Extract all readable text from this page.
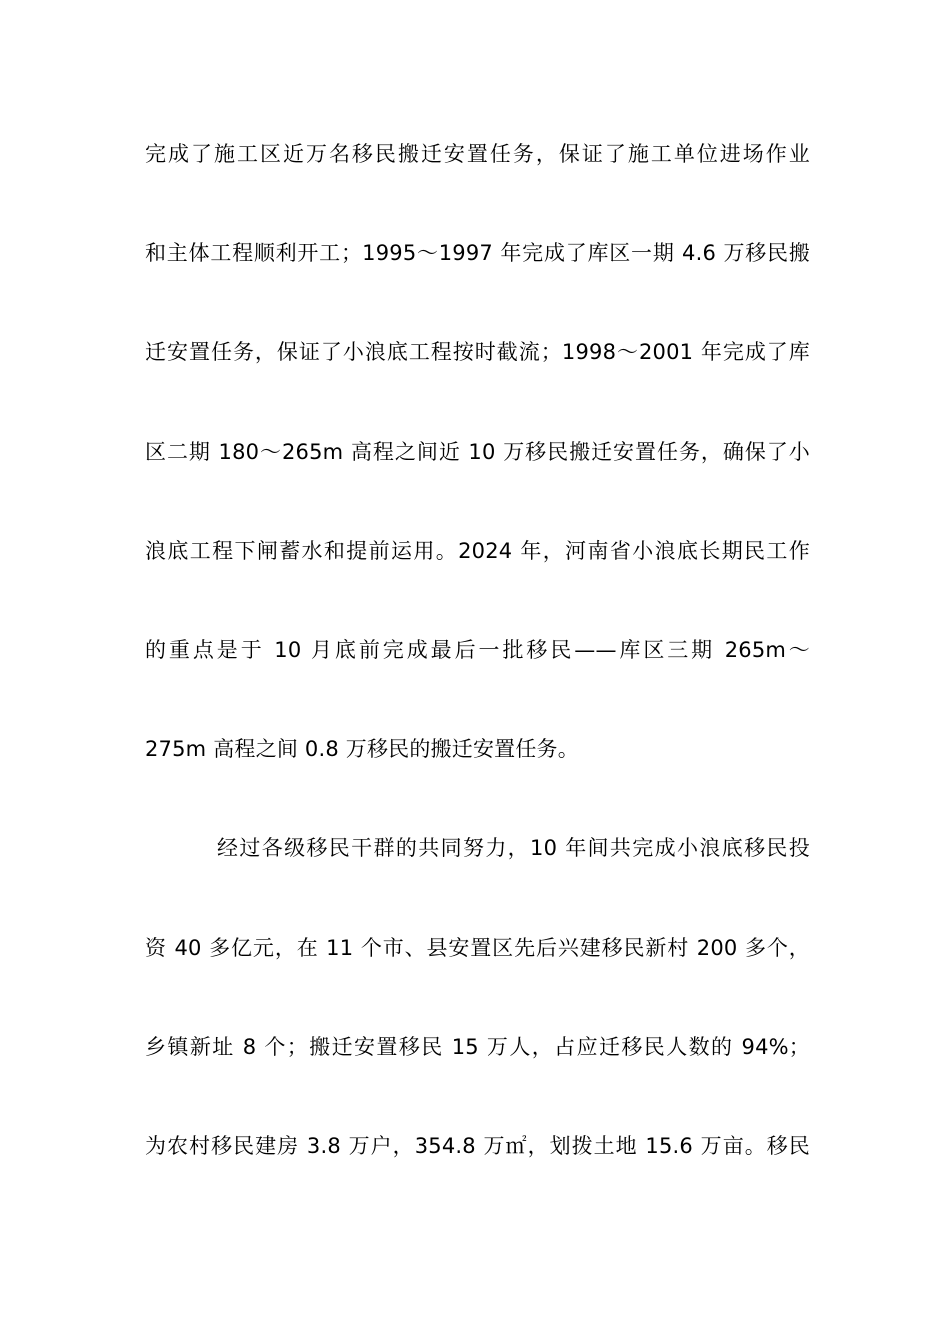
完成了施工区近万名移民搬迁安置任务，保证了施工单位进场作业
和主体工程顺利开工；1995～1997 年完成了库区一期 4.6 万移民搬
迁安置任务，保证了小浪底工程按时截流；1998～2001 年完成了库
区二期 180～265m 高程之间近 10 万移民搬迁安置任务，确保了小
浪底工程下闸蓄水和提前运用。2024 年，河南省小浪底长期民工作
的重点是于 10 月底前完成最后一批移民——库区三期 265m～
275m 高程之间 0.8 万移民的搬迁安置任务。
经过各级移民干群的共同努力，10 年间共完成小浪底移民投
资 40 多亿元，在 11 个市、县安置区先后兴建移民新村 200 多个，
乡镇新址 8 个；搬迁安置移民 15 万人，占应迁移民人数的 94%；
为农村移民建房 3.8 万户，354.8 万㎡，划拨土地 15.6 万亩。移民
